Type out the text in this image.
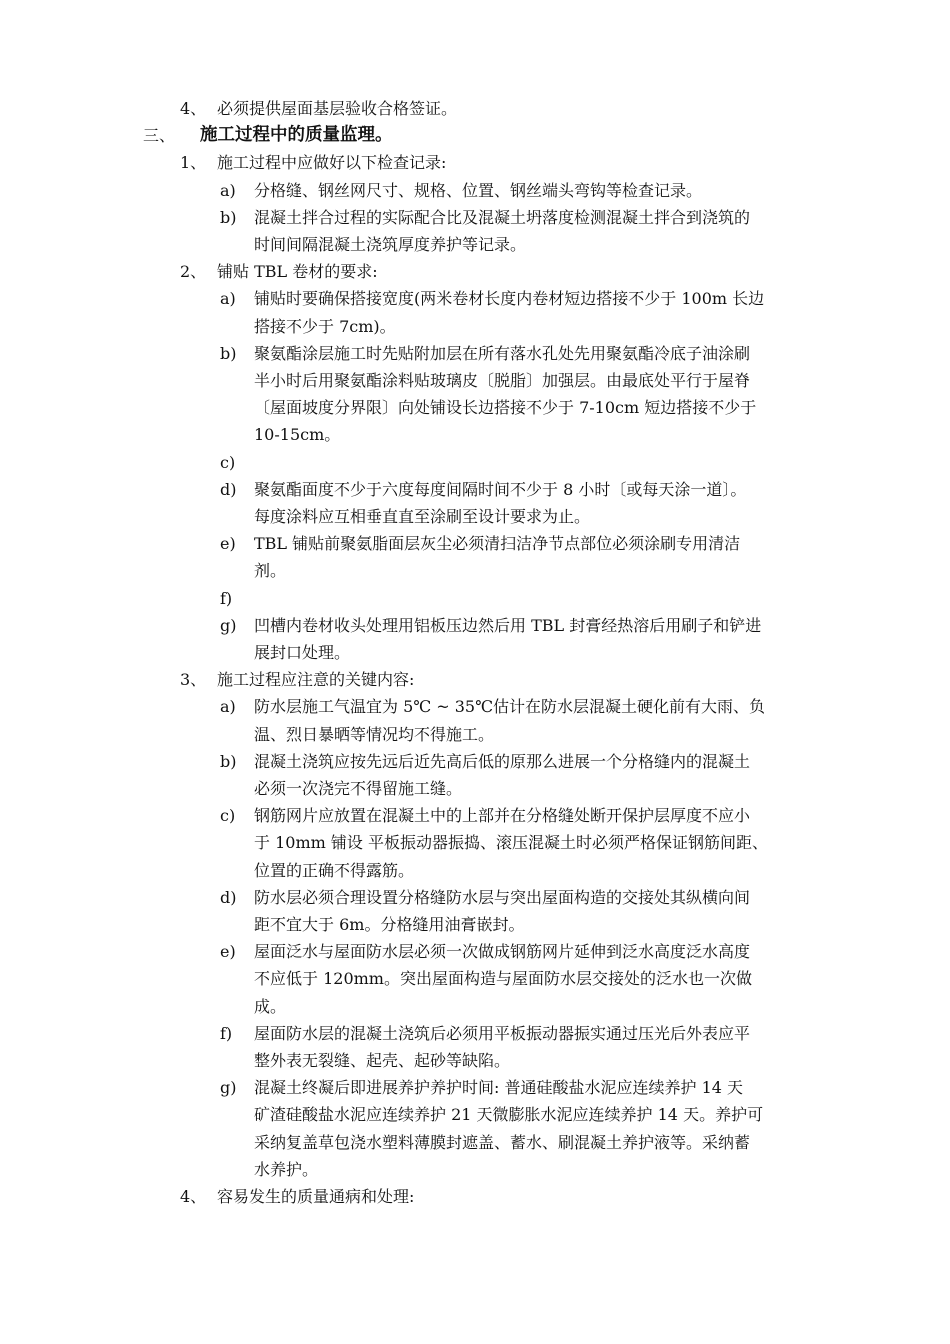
4、 必须提供屋面基层验收合格签证。
三、 施工过程中的质量监理。
1、 施工过程中应做好以下检查记录:
a) 分格缝、钢丝网尺寸、规格、位置、钢丝端头弯钩等检查记录。
b) 混凝土拌合过程的实际配合比及混凝土坍落度检测混凝土拌合到浇筑的
时间间隔混凝土浇筑厚度养护等记录。
2、 铺贴 TBL 卷材的要求:
a) 铺贴时要确保搭接宽度(两米卷材长度内卷材短边搭接不少于 100m 长边
搭接不少于 7cm)。
b) 聚氨酯涂层施工时先贴附加层在所有落水孔处先用聚氨酯冷底子油涂刷
半小时后用聚氨酯涂料贴玻璃皮〔脱脂〕加强层。由最底处平行于屋脊
〔屋面坡度分界限〕向处铺设长边搭接不少于 7-10cm 短边搭接不少于
10-15cm。
c)
d) 聚氨酯面度不少于六度每度间隔时间不少于 8 小时〔或每天涂一道〕。
每度涂料应互相垂直直至涂刷至设计要求为止。
e) TBL 铺贴前聚氨脂面层灰尘必须清扫洁净节点部位必须涂刷专用清洁
剂。
f)
g) 凹槽内卷材收头处理用铝板压边然后用 TBL 封膏经热溶后用刷子和铲进
展封口处理。
3、 施工过程应注意的关键内容:
a) 防水层施工气温宜为 5℃ ~ 35℃估计在防水层混凝土硬化前有大雨、负
温、烈日暴晒等情况均不得施工。
b) 混凝土浇筑应按先远后近先高后低的原那么进展一个分格缝内的混凝土
必须一次浇完不得留施工缝。
c) 钢筋网片应放置在混凝土中的上部并在分格缝处断开保护层厚度不应小
于 10mm 铺设 平板振动器振捣、滚压混凝土时必须严格保证钢筋间距、
位置的正确不得露筋。
d) 防水层必须合理设置分格缝防水层与突出屋面构造的交接处其纵横向间
距不宜大于 6m。分格缝用油膏嵌封。
e) 屋面泛水与屋面防水层必须一次做成钢筋网片延伸到泛水高度泛水高度
不应低于 120mm。突出屋面构造与屋面防水层交接处的泛水也一次做
成。
f) 屋面防水层的混凝土浇筑后必须用平板振动器振实通过压光后外表应平
整外表无裂缝、起壳、起砂等缺陷。
g) 混凝土终凝后即进展养护养护时间: 普通硅酸盐水泥应连续养护 14 天
矿渣硅酸盐水泥应连续养护 21 天微膨胀水泥应连续养护 14 天。养护可
采纳复盖草包浇水塑料薄膜封遮盖、蓄水、刷混凝土养护液等。采纳蓄
水养护。
4、 容易发生的质量通病和处理:
